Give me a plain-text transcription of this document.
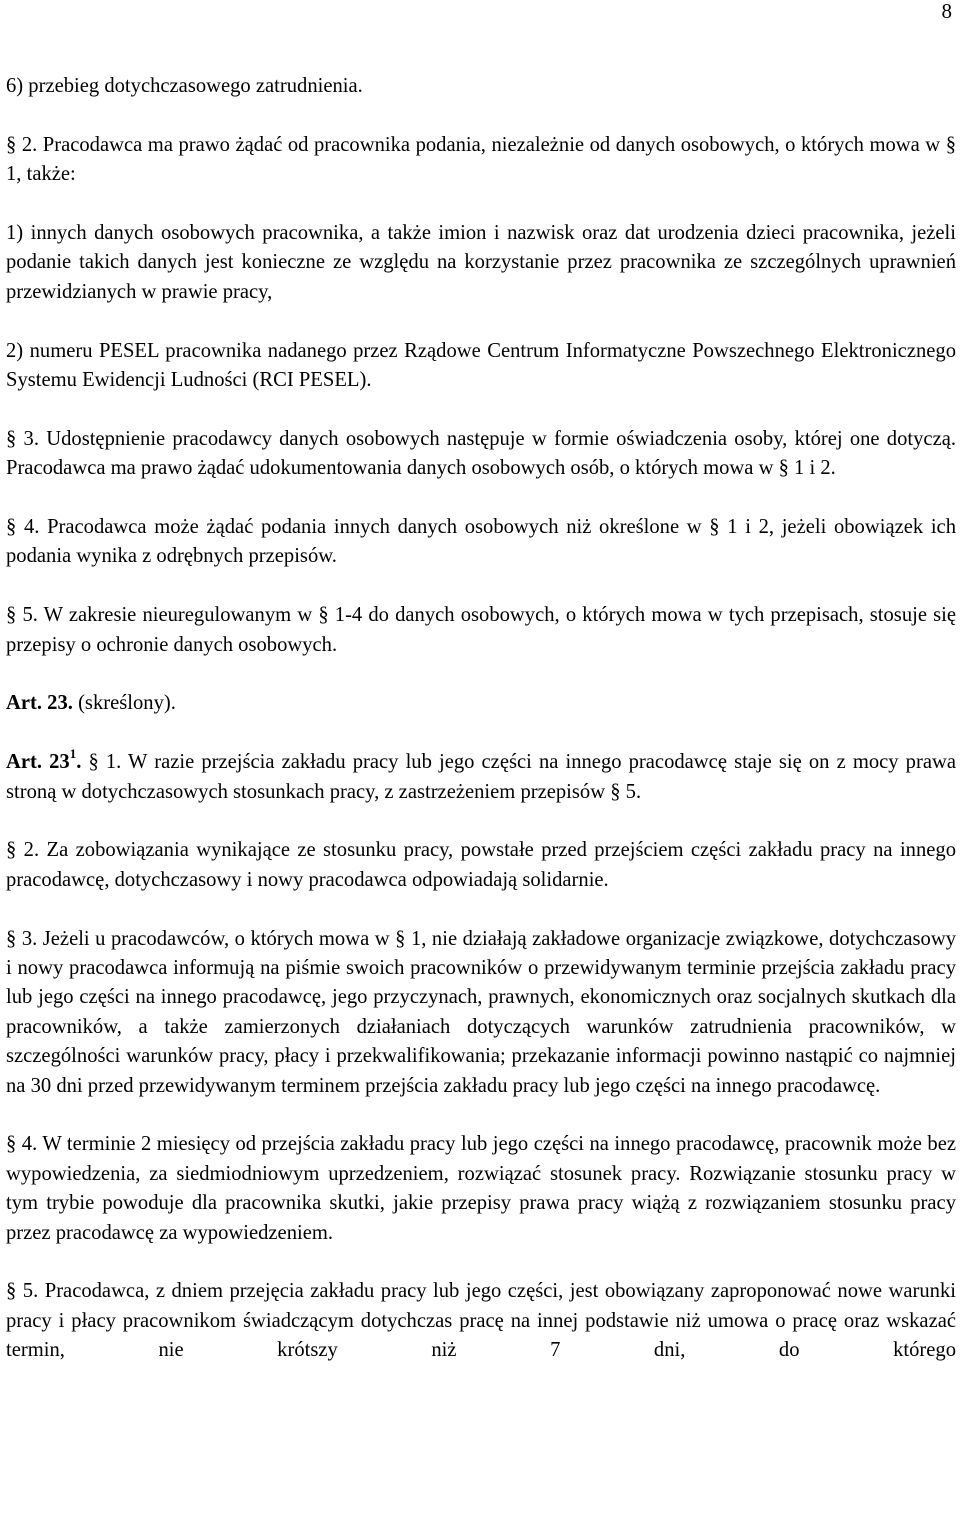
8

6) przebieg dotychczasowego zatrudnienia.

§ 2. Pracodawca ma prawo żądać od pracownika podania, niezależnie od danych osobowych, o których mowa w § 1, także:

1) innych danych osobowych pracownika, a także imion i nazwisk oraz dat urodzenia dzieci pracownika, jeżeli podanie takich danych jest konieczne ze względu na korzystanie przez pracownika ze szczególnych uprawnień przewidzianych w prawie pracy,

2) numeru PESEL pracownika nadanego przez Rządowe Centrum Informatyczne Powszechnego Elektronicznego Systemu Ewidencji Ludności (RCI PESEL).

§ 3. Udostępnienie pracodawcy danych osobowych następuje w formie oświadczenia osoby, której one dotyczą. Pracodawca ma prawo żądać udokumentowania danych osobowych osób, o których mowa w § 1 i 2.

§ 4. Pracodawca może żądać podania innych danych osobowych niż określone w § 1 i 2, jeżeli obowiązek ich podania wynika z odrębnych przepisów.

§ 5. W zakresie nieuregulowanym w § 1-4 do danych osobowych, o których mowa w tych przepisach, stosuje się przepisy o ochronie danych osobowych.

Art. 23. (skreślony).

Art. $23^1$. § 1. W razie przejścia zakładu pracy lub jego części na innego pracodawcę staje się on z mocy prawa stroną w dotychczasowych stosunkach pracy, z zastrzeżeniem przepisów § 5.

§ 2. Za zobowiązania wynikające ze stosunku pracy, powstałe przed przejściem części zakładu pracy na innego pracodawcę, dotychczasowy i nowy pracodawca odpowiadają solidarnie.

§ 3. Jeżeli u pracodawców, o których mowa w § 1, nie działają zakładowe organizacje związkowe, dotychczasowy i nowy pracodawca informują na piśmie swoich pracowników o przewidywanym terminie przejścia zakładu pracy lub jego części na innego pracodawcę, jego przyczynach, prawnych, ekonomicznych oraz socjalnych skutkach dla pracowników, a także zamierzonych działaniach dotyczących warunków zatrudnienia pracowników, w szczególności warunków pracy, płacy i przekwalifikowania; przekazanie informacji powinno nastąpić co najmniej na 30 dni przed przewidywanym terminem przejścia zakładu pracy lub jego części na innego pracodawcę.

§ 4. W terminie 2 miesięcy od przejścia zakładu pracy lub jego części na innego pracodawcę, pracownik może bez wypowiedzenia, za siedmiodniowym uprzedzeniem, rozwiązać stosunek pracy. Rozwiązanie stosunku pracy w tym trybie powoduje dla pracownika skutki, jakie przepisy prawa pracy wiążą z rozwiązaniem stosunku pracy przez pracodawcę za wypowiedzeniem.

§ 5. Pracodawca, z dniem przejęcia zakładu pracy lub jego części, jest obowiązany zaproponować nowe warunki pracy i płacy pracownikom świadczącym dotychczas pracę na innej podstawie niż umowa o pracę oraz wskazać termin, nie krótszy niż 7 dni, do którego
